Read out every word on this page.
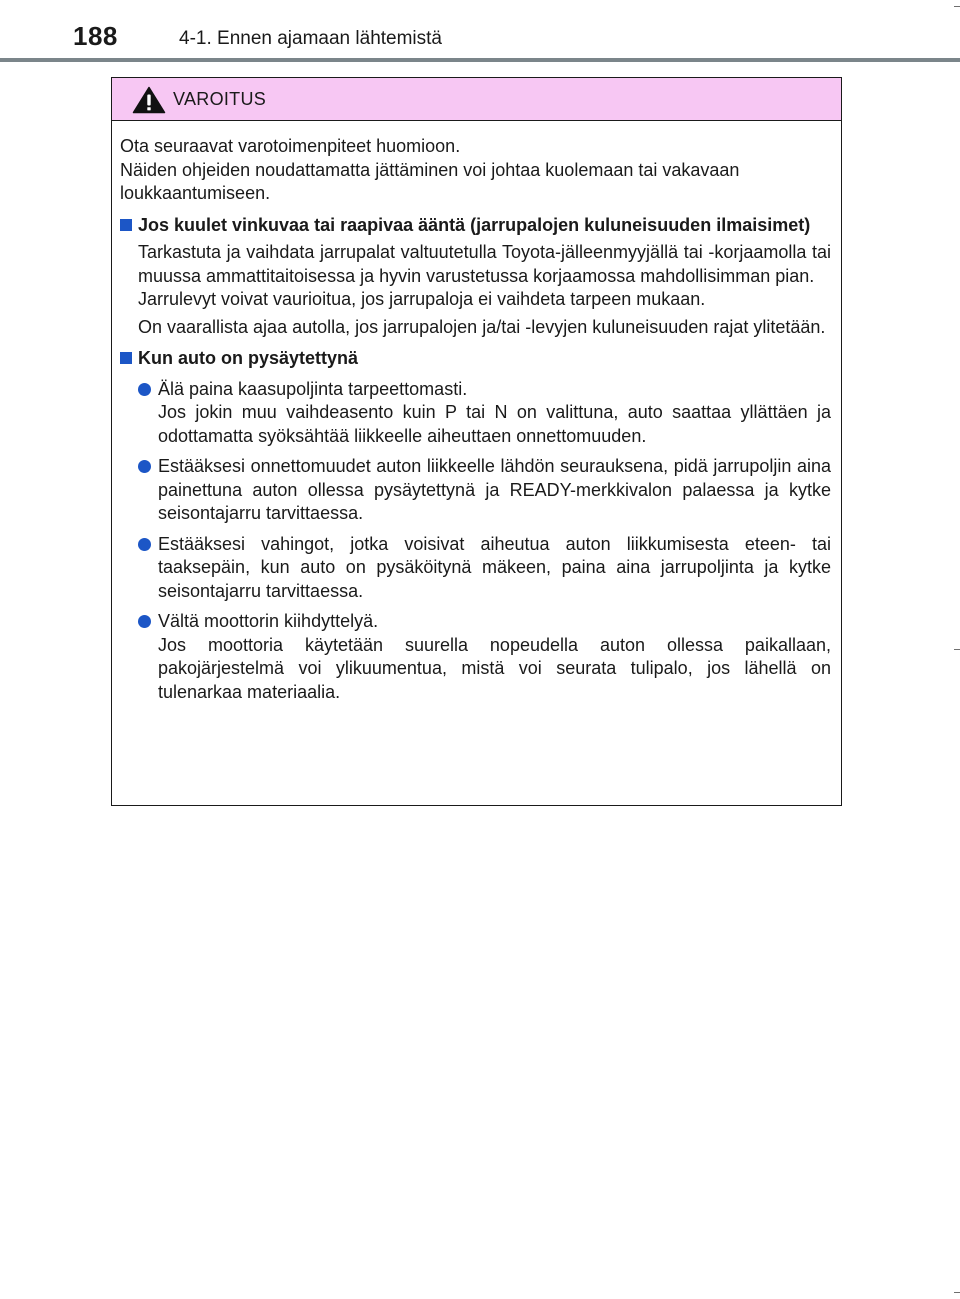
188	4-1. Ennen ajamaan lähtemistä
VAROITUS

Ota seuraavat varotoimenpiteet huomioon.

Näiden ohjeiden noudattamatta jättäminen voi johtaa kuolemaan tai vakavaan loukkaantumiseen.

Jos kuulet vinkuvaa tai raapivaa ääntä (jarrupalojen kuluneisuuden ilmaisimet)

Tarkastuta ja vaihdata jarrupalat valtuutetulla Toyota-jälleenmyyjällä tai -korjaamolla tai muussa ammattitaitoisessa ja hyvin varustetussa korjaamossa mahdollisimman pian.

Jarrulevyt voivat vaurioitua, jos jarrupaloja ei vaihdeta tarpeen mukaan.

On vaarallista ajaa autolla, jos jarrupalojen ja/tai -levyjen kuluneisuuden rajat ylitetään.

Kun auto on pysäytettynä

Älä paina kaasupoljinta tarpeettomasti.

Jos jokin muu vaihdeasento kuin P tai N on valittuna, auto saattaa yllättäen ja odottamatta syöksähtää liikkeelle aiheuttaen onnettomuuden.

Estääksesi onnettomuudet auton liikkeelle lähdön seurauksena, pidä jarrupoljin aina painettuna auton ollessa pysäytettynä ja READY-merkkivalon palaessa ja kytke seisontajarru tarvittaessa.

Estääksesi vahingot, jotka voisivat aiheutua auton liikkumisesta eteen- tai taaksepäin, kun auto on pysäköitynä mäkeen, paina aina jarrupoljinta ja kytke seisontajarru tarvittaessa.

Vältä moottorin kiihdyttelyä.

Jos moottoria käytetään suurella nopeudella auton ollessa paikallaan, pakojärjestelmä voi ylikuumentua, mistä voi seurata tulipalo, jos lähellä on tulenarkaa materiaalia.
